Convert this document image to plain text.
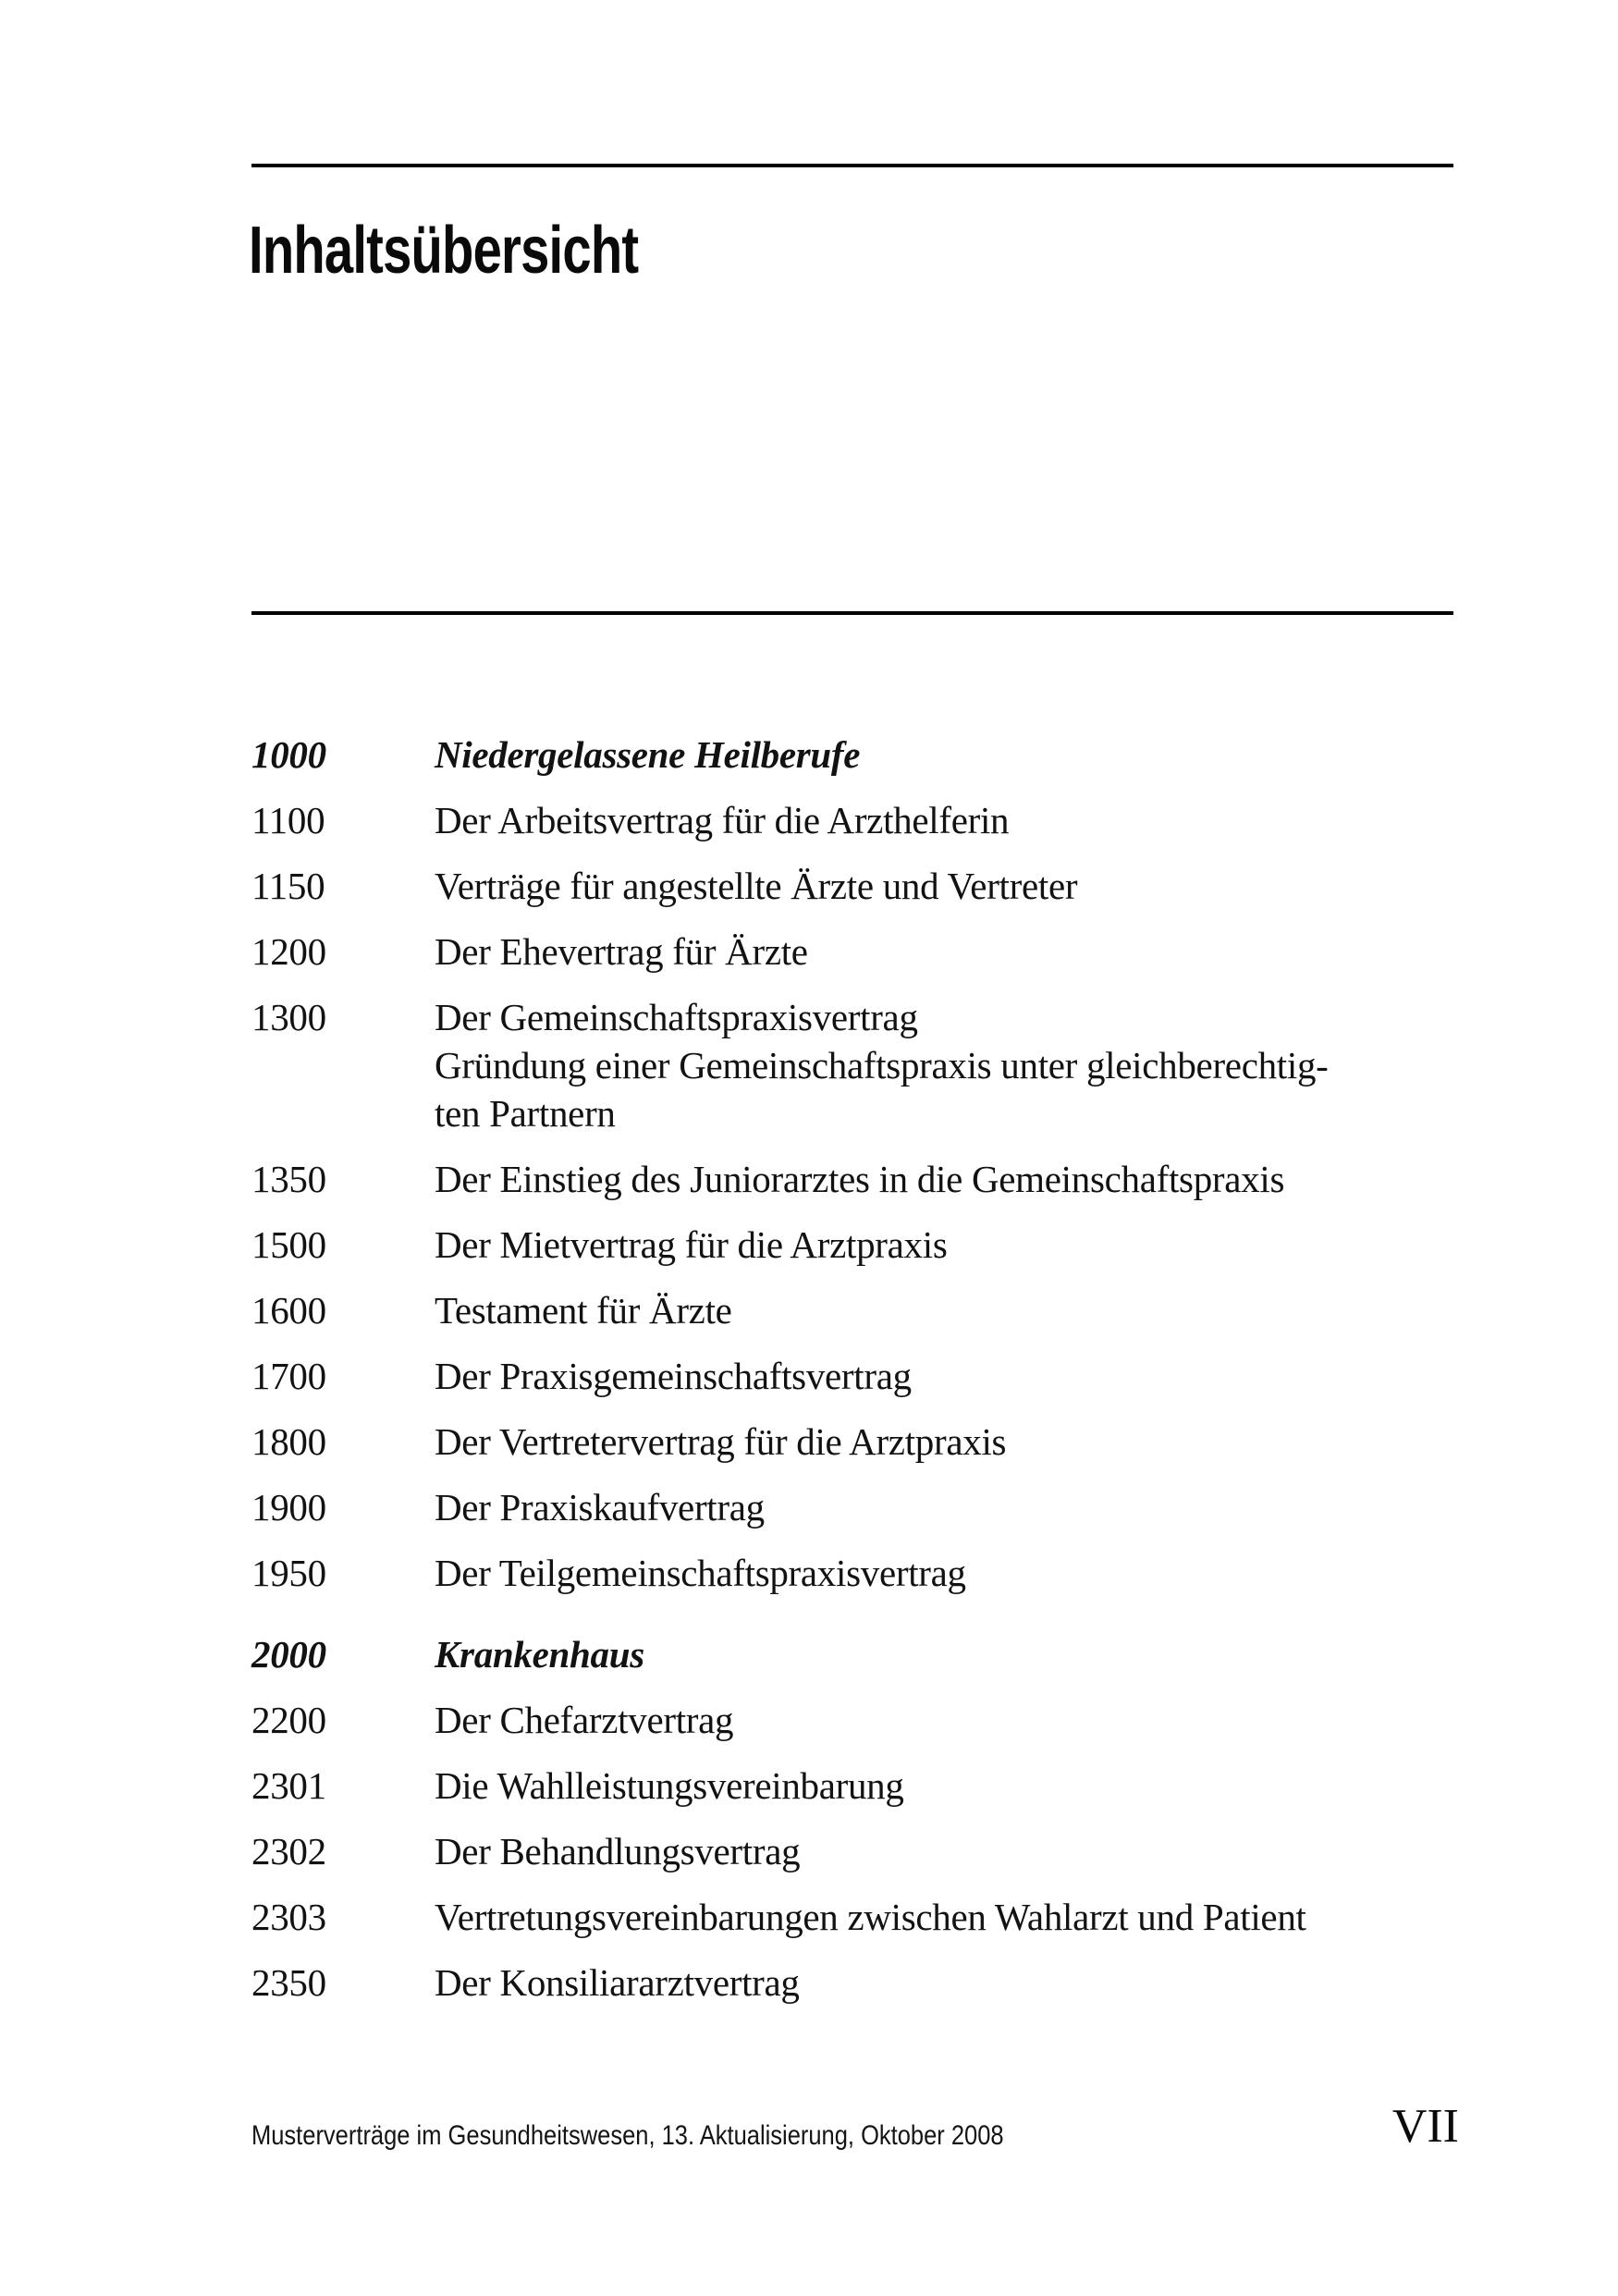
Inhaltsübersicht
1000	Niedergelassene Heilberufe
1100	Der Arbeitsvertrag für die Arzthelferin
1150	Verträge für angestellte Ärzte und Vertreter
1200	Der Ehevertrag für Ärzte
1300	Der Gemeinschaftspraxisvertrag
Gründung einer Gemeinschaftspraxis unter gleichberechtig-
ten Partnern
1350	Der Einstieg des Juniorarztes in die Gemeinschaftspraxis
1500	Der Mietvertrag für die Arztpraxis
1600	Testament für Ärzte
1700	Der Praxisgemeinschaftsvertrag
1800	Der Vertretervertrag für die Arztpraxis
1900	Der Praxiskaufvertrag
1950	Der Teilgemeinschaftspraxisvertrag
2000	Krankenhaus
2200	Der Chefarztvertrag
2301	Die Wahlleistungsvereinbarung
2302	Der Behandlungsvertrag
2303	Vertretungsvereinbarungen zwischen Wahlarzt und Patient
2350	Der Konsiliararztvertrag

Musterverträge im Gesundheitswesen, 13. Aktualisierung, Oktober 2008	VII
